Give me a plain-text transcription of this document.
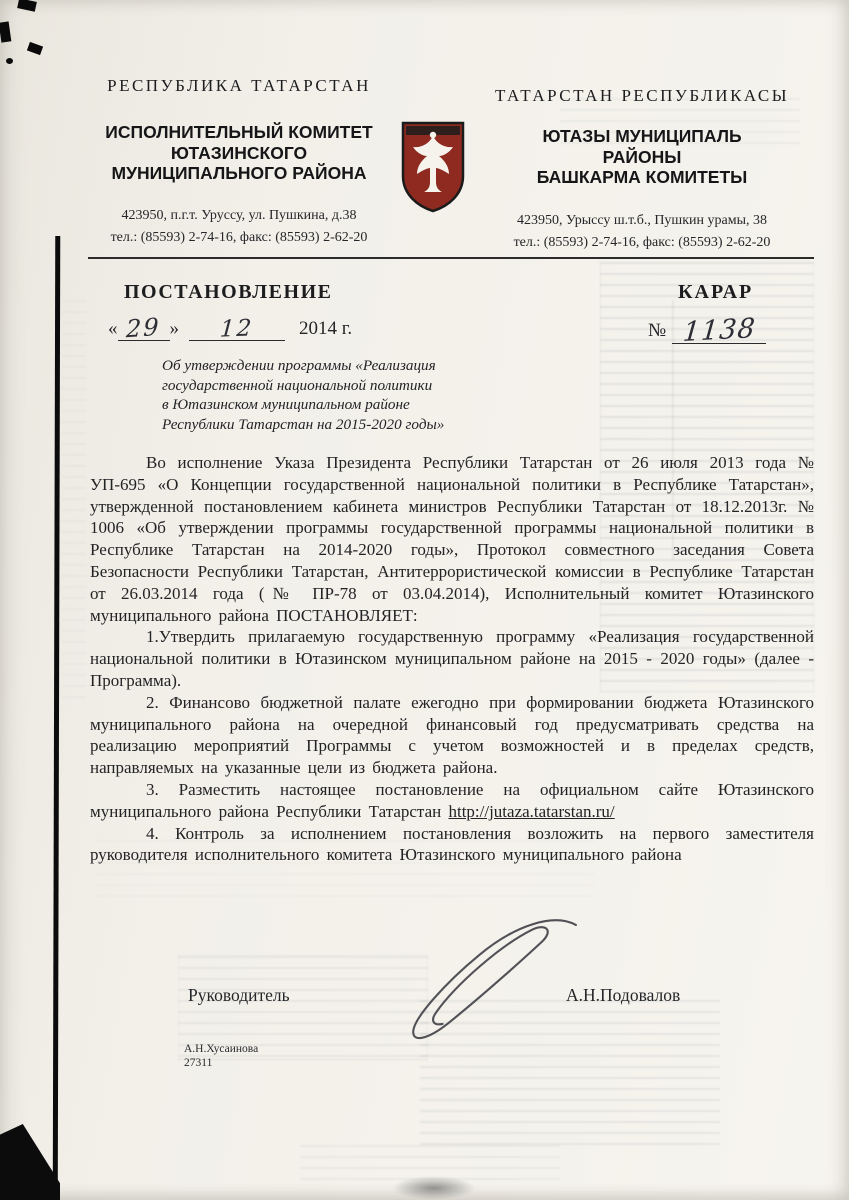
РЕСПУБЛИКА ТАТАРСТАН
ИСПОЛНИТЕЛЬНЫЙ КОМИТЕТ
ЮТАЗИНСКОГО
МУНИЦИПАЛЬНОГО РАЙОНА
423950, п.г.т. Уруссу, ул. Пушкина, д.38
тел.: (85593) 2-74-16, факс: (85593) 2-62-20
ТАТАРСТАН РЕСПУБЛИКАСЫ
ЮТАЗЫ МУНИЦИПАЛЬ
РАЙОНЫ
БАШКАРМА КОМИТЕТЫ
423950, Урыссу ш.т.б., Пушкин урамы, 38
тел.: (85593) 2-74-16, факс: (85593) 2-62-20
ПОСТАНОВЛЕНИЕ	КАРАР
« 29 » 12 2014 г.	№ 1138
Об утверждении программы «Реализация
государственной национальной политики
в Ютазинском муниципальном районе
Республики Татарстан на 2015-2020 годы»

Во исполнение Указа Президента Республики Татарстан от 26 июля 2013 года № УП-695 «О Концепции государственной национальной политики в Республике Татарстан», утвержденной постановлением кабинета министров Республики Татарстан от 18.12.2013г. № 1006 «Об утверждении программы государственной программы национальной политики в Республике Татарстан на 2014-2020 годы», Протокол совместного заседания Совета Безопасности Республики Татарстан, Антитеррористической комиссии в Республике Татарстан от 26.03.2014 года (№ ПР-78 от 03.04.2014), Исполнительный комитет Ютазинского муниципального района ПОСТАНОВЛЯЕТ:

1.Утвердить прилагаемую государственную программу «Реализация государственной национальной политики в Ютазинском муниципальном районе на 2015 - 2020 годы» (далее - Программа).

2. Финансово бюджетной палате ежегодно при формировании бюджета Ютазинского муниципального района на очередной финансовый год предусматривать средства на реализацию мероприятий Программы с учетом возможностей и в пределах средств, направляемых на указанные цели из бюджета района.

3. Разместить настоящее постановление на официальном сайте Ютазинского муниципального района Республики Татарстан http://jutaza.tatarstan.ru/

4. Контроль за исполнением постановления возложить на первого заместителя руководителя исполнительного комитета Ютазинского муниципального района

Руководитель	А.Н.Подовалов
А.Н.Хусаинова
27311
